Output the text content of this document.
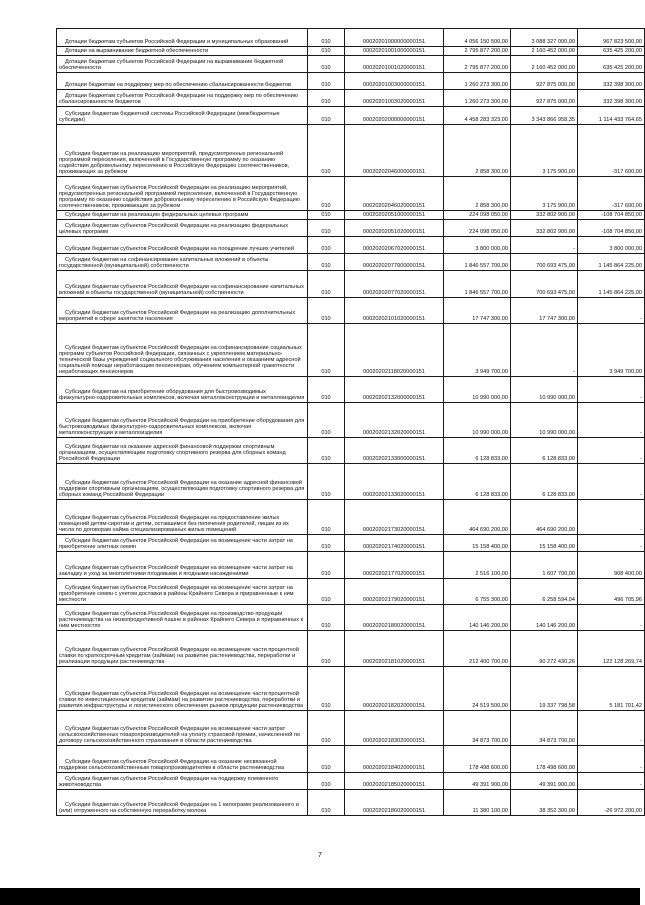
Дотации бюджетам субъектов Российской Федерации и муниципальных образований	010	00020201000000000151	4 056 150 500,00	3 088 327 000,00	967 823 500,00
Дотации на выравнивание бюджетной обеспеченности	010	00020201001000000151	2 795 877 200,00	2 160 452 000,00	635 425 200,00
Дотации бюджетам субъектов Российской Федерации на выравнивание бюджетной обеспеченности	010	00020201001020000151	2 795 877 200,00	2 160 452 000,00	635 425 200,00
Дотации бюджетам на поддержку мер по обеспечению сбалансированности бюджетов	010	00020201003000000151	1 260 273 300,00	927 875 000,00	332 398 300,00
Дотации бюджетам субъектов Российской Федерации на поддержку мер по обеспечению сбалансированности бюджетов	010	00020201003020000151	1 260 273 300,00	927 875 000,00	332 398 300,00
Субсидии бюджетам бюджетной системы Российской Федерации (межбюджетные субсидии)	010	00020202000000000151	4 458 283 323,00	3 343 866 958,35	1 114 433 764,65
Субсидии бюджетам на реализацию мероприятий, предусмотренных региональной программой переселения, включенной в Государственную программу по оказанию содействия добровольному переселению в Российскую Федерацию соотечественников, проживающих за рубежом	010	00020202046000000151	2 858 300,00	3 175 900,00	-317 600,00
Субсидии бюджетам субъектов Российской Федерации на реализацию мероприятий, предусмотренных региональной программой переселения, включенной в Государственную программу по оказанию содействия добровольному переселению в Российскую Федерацию соотечественников, проживающих за рубежом	010	00020202046020000151	2 858 300,00	3 175 900,00	-317 600,00
Субсидии бюджетам на реализацию федеральных целевых программ	010	00020202051000000151	224 098 050,00	332 802 900,00	-108 704 850,00
Субсидии бюджетам субъектов Российской Федерации на реализацию федеральных целевых программ	010	00020202051020000151	224 098 050,00	332 802 900,00	-108 704 850,00
Субсидии бюджетам субъектов Российской Федерации на поощрение лучших учителей	010	00020202067020000151	3 800 000,00	-	3 800 000,00
Субсидии бюджетам на софинансирование капитальных вложений в объекты государственной (муниципальной) собственности	010	00020202077000000151	1 846 557 700,00	700 693 475,00	1 145 864 225,00
Субсидии бюджетам субъектов Российской Федерации на софинансирование капитальных вложений в объекты государственной (муниципальной) собственности	010	00020202077020000151	1 846 557 700,00	700 693 475,00	1 145 864 225,00
Субсидии бюджетам субъектов Российской Федерации на реализацию дополнительных мероприятий в сфере занятости населения	010	00020202101020000151	17 747 300,00	17 747 300,00	-
Субсидии бюджетам субъектов Российской Федерации на софинансирование социальных программ субъектов Российской Федерации, связанных с укреплением материально-технической базы учреждений социального обслуживания населения и оказанием адресной социальной помощи неработающим пенсионерам, обучением компьютерной грамотности неработающих пенсионеров	010	00020202118020000151	3 949 700,00	-	3 949 700,00
Субсидии бюджетам на приобретение оборудования для быстровозводимых физкультурно-оздоровительных комплексов, включая металлоконструкции и металлоизделия	010	00020202132000000151	10 990 000,00	10 990 000,00	-
Субсидии бюджетам субъектов Российской Федерации на приобретение оборудования для быстровозводимых физкультурно-оздоровительных комплексов, включая металлоконструкции и металлоизделия	010	00020202132020000151	10 990 000,00	10 990 000,00	-
Субсидии бюджетам на оказание адресной финансовой поддержки спортивным организациям, осуществляющим подготовку спортивного резерва для сборных команд Российской Федерации	010	00020202133000000151	6 128 833,00	6 128 833,00	-
Субсидии бюджетам субъектов Российской Федерации на оказание адресной финансовой поддержки спортивным организациям, осуществляющим подготовку спортивного резерва для сборных команд Российской Федерации	010	00020202133020000151	6 128 833,00	6 128 833,00	-
Субсидии бюджетам субъектов Российской Федерации на предоставление жилых помещений детям-сиротам и детям, оставшимся без попечения родителей, лицам из их числа по договорам найма специализированных жилых помещений	010	00020202173020000151	464 690 200,00	464 690 200,00	-
Субсидии бюджетам субъектов Российской Федерации на возмещение части затрат на приобретение элитных семян	010	00020202174020000151	15 158 400,00	15 158 400,00	-
Субсидии бюджетам субъектов Российской Федерации на возмещение части затрат на закладку и уход за многолетними плодовыми и ягодными насаждениями	010	00020202177020000151	2 516 100,00	1 607 700,00	908 400,00
Субсидии бюджетам субъектов Российской Федерации на возмещение части затрат на приобретение семян с учетом доставки в районы Крайнего Севера и приравненные к ним местности	010	00020202179020000151	6 755 300,00	6 258 594,04	496 705,96
Субсидии бюджетам субъектов Российской Федерации на производство продукции растениеводства на низкопродуктивной пашне в районах Крайнего Севера и приравненных к ним местностях	010	00020202180020000151	140 146 200,00	140 146 200,00	-
Субсидии бюджетам субъектов Российской Федерации на возмещение части процентной ставки по краткосрочным кредитам (займам) на развитие растениеводства, переработки и реализации продукции растениеводства	010	00020202181020000151	212 400 700,00	90 272 430,26	122 128 269,74
Субсидии бюджетам субъектов Российской Федерации на возмещение части процентной ставки по инвестиционным кредитам (займам) на развитие растениеводства, переработки и развития инфраструктуры и логистического обеспечения рынков продукции растениеводства	010	00020202182020000151	24 519 500,00	19 337 798,58	5 181 701,42
Субсидии бюджетам субъектов Российской Федерации на возмещение части затрат сельскохозяйственных товаропроизводителей на уплату страховой премии, начисленной по договору сельскохозяйственного страхования в области растениеводства	010	00020202183020000151	34 873 700,00	34 873 700,00	-
Субсидии бюджетам субъектов Российской Федерации на оказание несвязанной поддержки сельскохозяйственным товаропроизводителям в области растениеводства	010	00020202184020000151	178 498 600,00	178 498 600,00	-
Субсидии бюджетам субъектов Российской Федерации на поддержку племенного животноводства	010	00020202185020000151	49 391 900,00	49 391 900,00	-
Субсидии бюджетам субъектов Российской Федерации на 1 килограмм реализованного и (или) отгруженного на собственную переработку молока	010	00020202186020000151	11 380 100,00	38 352 300,00	-26 972 200,00
7
